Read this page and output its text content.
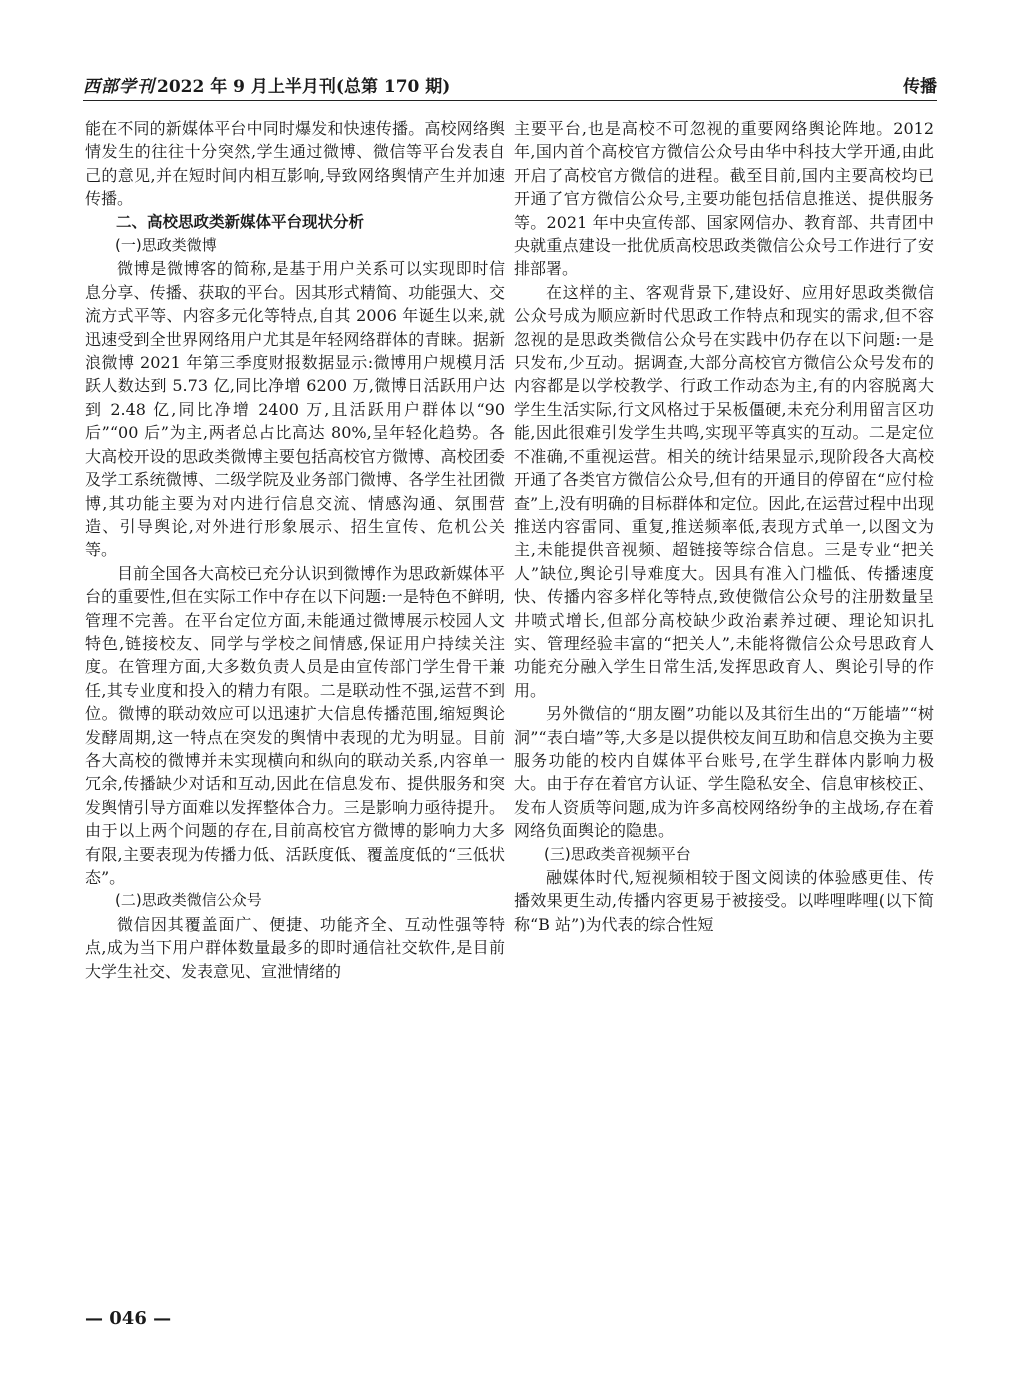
西部学刊 2022 年 9 月上半月刊(总第 170 期)	传播

能在不同的新媒体平台中同时爆发和快速传播。高校网络舆情发生的往往十分突然,学生通过微博、微信等平台发表自己的意见,并在短时间内相互影响,导致网络舆情产生并加速传播。

二、高校思政类新媒体平台现状分析
(一)思政类微博

微博是微博客的简称,是基于用户关系可以实现即时信息分享、传播、获取的平台。因其形式精简、功能强大、交流方式平等、内容多元化等特点,自其 2006 年诞生以来,就迅速受到全世界网络用户尤其是年轻网络群体的青睐。据新浪微博 2021 年第三季度财报数据显示:微博用户规模月活跃人数达到 5.73 亿,同比净增 6200 万,微博日活跃用户达到 2.48 亿,同比净增 2400 万,且活跃用户群体以“90 后”“00 后”为主,两者总占比高达 80%,呈年轻化趋势。各大高校开设的思政类微博主要包括高校官方微博、高校团委及学工系统微博、二级学院及业务部门微博、各学生社团微博,其功能主要为对内进行信息交流、情感沟通、氛围营造、引导舆论,对外进行形象展示、招生宣传、危机公关等。

目前全国各大高校已充分认识到微博作为思政新媒体平台的重要性,但在实际工作中存在以下问题:一是特色不鲜明,管理不完善。在平台定位方面,未能通过微博展示校园人文特色,链接校友、同学与学校之间情感,保证用户持续关注度。在管理方面,大多数负责人员是由宣传部门学生骨干兼任,其专业度和投入的精力有限。二是联动性不强,运营不到位。微博的联动效应可以迅速扩大信息传播范围,缩短舆论发酵周期,这一特点在突发的舆情中表现的尤为明显。目前各大高校的微博并未实现横向和纵向的联动关系,内容单一冗余,传播缺少对话和互动,因此在信息发布、提供服务和突发舆情引导方面难以发挥整体合力。三是影响力亟待提升。由于以上两个问题的存在,目前高校官方微博的影响力大多有限,主要表现为传播力低、活跃度低、覆盖度低的“三低状态”。

(二)思政类微信公众号

微信因其覆盖面广、便捷、功能齐全、互动性强等特点,成为当下用户群体数量最多的即时通信社交软件,是目前大学生社交、发表意见、宣泄情绪的

主要平台,也是高校不可忽视的重要网络舆论阵地。2012 年,国内首个高校官方微信公众号由华中科技大学开通,由此开启了高校官方微信的进程。截至目前,国内主要高校均已开通了官方微信公众号,主要功能包括信息推送、提供服务等。2021 年中央宣传部、国家网信办、教育部、共青团中央就重点建设一批优质高校思政类微信公众号工作进行了安排部署。

在这样的主、客观背景下,建设好、应用好思政类微信公众号成为顺应新时代思政工作特点和现实的需求,但不容忽视的是思政类微信公众号在实践中仍存在以下问题:一是只发布,少互动。据调查,大部分高校官方微信公众号发布的内容都是以学校教学、行政工作动态为主,有的内容脱离大学生生活实际,行文风格过于呆板僵硬,未充分利用留言区功能,因此很难引发学生共鸣,实现平等真实的互动。二是定位不准确,不重视运营。相关的统计结果显示,现阶段各大高校开通了各类官方微信公众号,但有的开通目的停留在“应付检查”上,没有明确的目标群体和定位。因此,在运营过程中出现推送内容雷同、重复,推送频率低,表现方式单一,以图文为主,未能提供音视频、超链接等综合信息。三是专业“把关人”缺位,舆论引导难度大。因具有准入门槛低、传播速度快、传播内容多样化等特点,致使微信公众号的注册数量呈井喷式增长,但部分高校缺少政治素养过硬、理论知识扎实、管理经验丰富的“把关人”,未能将微信公众号思政育人功能充分融入学生日常生活,发挥思政育人、舆论引导的作用。

另外微信的“朋友圈”功能以及其衍生出的“万能墙”“树洞”“表白墙”等,大多是以提供校友间互助和信息交换为主要服务功能的校内自媒体平台账号,在学生群体内影响力极大。由于存在着官方认证、学生隐私安全、信息审核校正、发布人资质等问题,成为许多高校网络纷争的主战场,存在着网络负面舆论的隐患。

(三)思政类音视频平台

融媒体时代,短视频相较于图文阅读的体验感更佳、传播效果更生动,传播内容更易于被接受。以哔哩哔哩(以下简称“B 站”)为代表的综合性短

— 046 —
